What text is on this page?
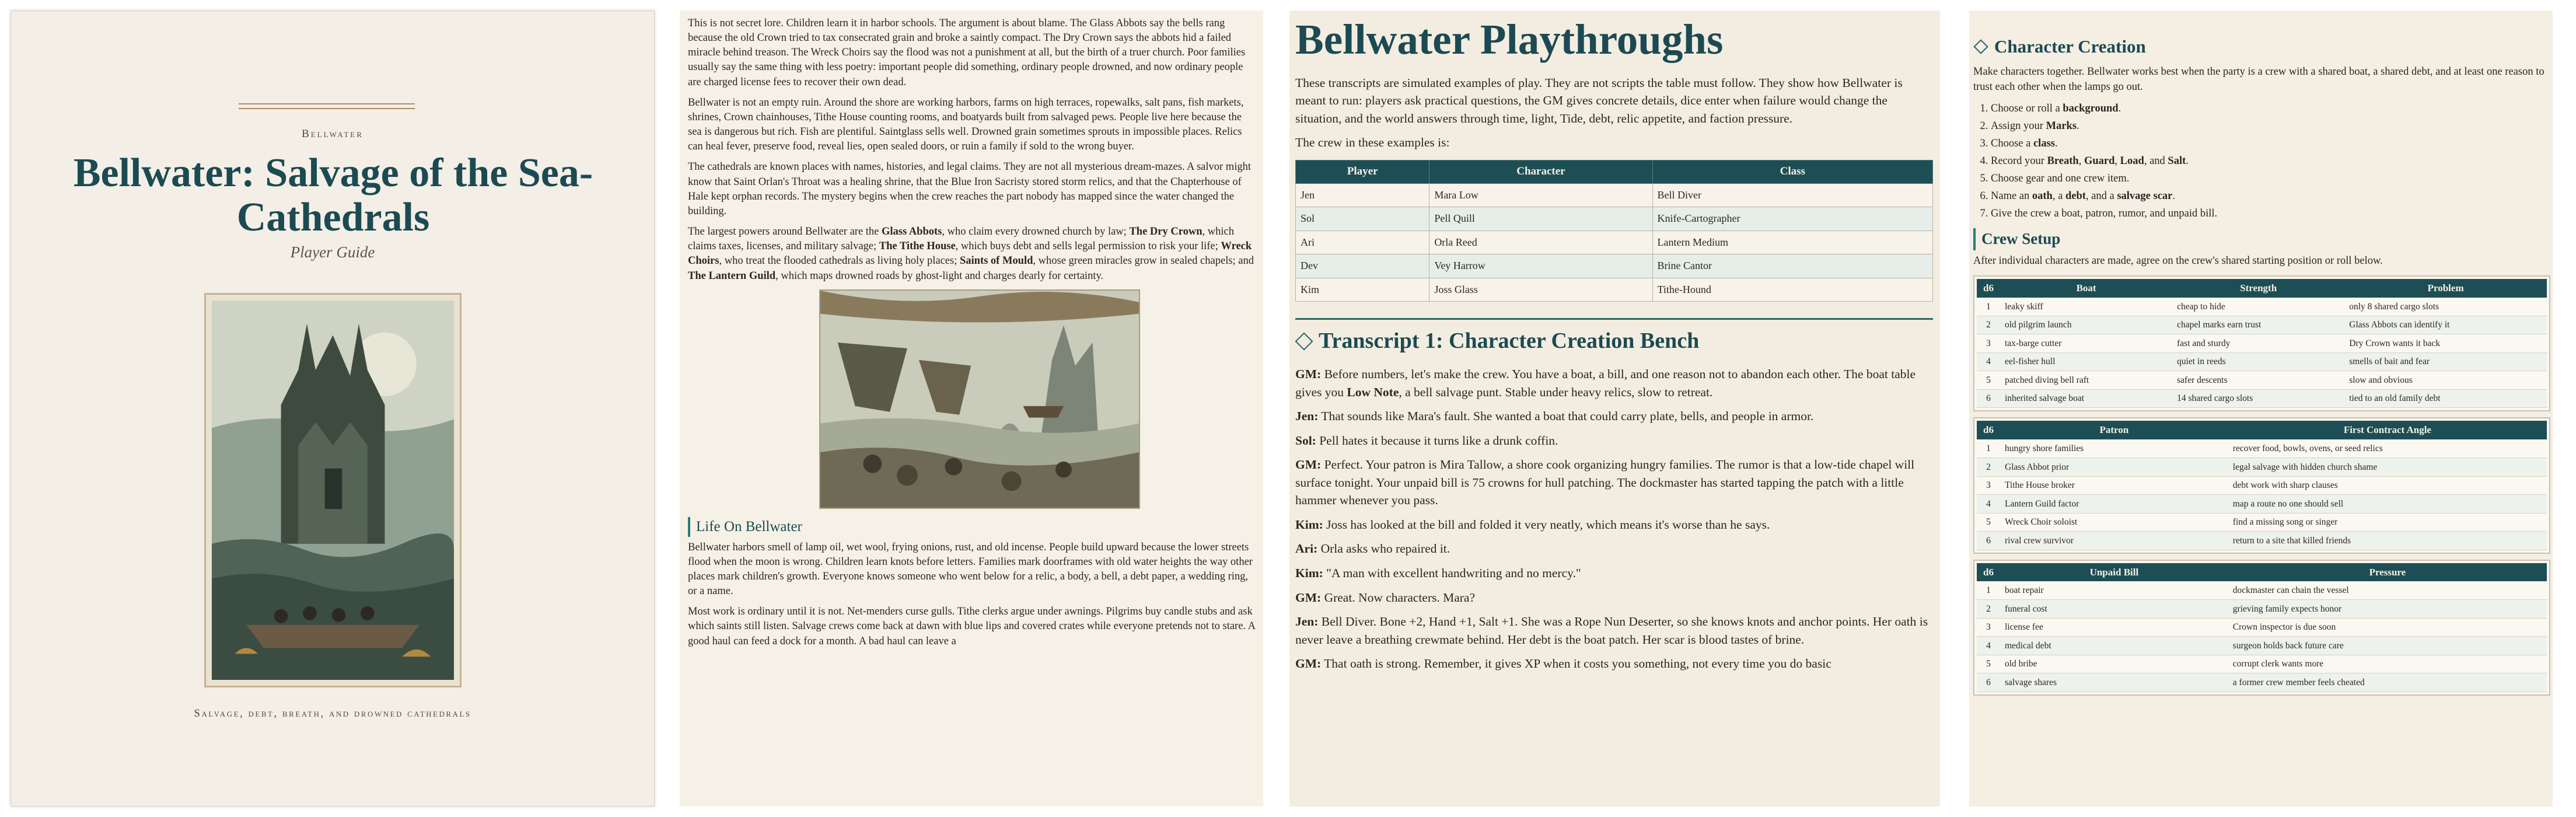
Bellwater
Bellwater: Salvage of the Sea-Cathedrals
Player Guide
Salvage, debt, breath, and drowned cathedrals

This is not secret lore. Children learn it in harbor schools. The argument is about blame. The Glass Abbots say the bells rang because the old Crown tried to tax consecrated grain and broke a saintly compact. The Dry Crown says the abbots hid a failed miracle behind treason. The Wreck Choirs say the flood was not a punishment at all, but the birth of a truer church. Poor families usually say the same thing with less poetry: important people did something, ordinary people drowned, and now ordinary people are charged license fees to recover their own dead.

Bellwater is not an empty ruin. Around the shore are working harbors, farms on high terraces, ropewalks, salt pans, fish markets, shrines, Crown chainhouses, Tithe House counting rooms, and boatyards built from salvaged pews. People live here because the sea is dangerous but rich. Fish are plentiful. Saintglass sells well. Drowned grain sometimes sprouts in impossible places. Relics can heal fever, preserve food, reveal lies, open sealed doors, or ruin a family if sold to the wrong buyer.

The cathedrals are known places with names, histories, and legal claims. They are not all mysterious dream-mazes. A salvor might know that Saint Orlan's Throat was a healing shrine, that the Blue Iron Sacristy stored storm relics, and that the Chapterhouse of Hale kept orphan records. The mystery begins when the crew reaches the part nobody has mapped since the water changed the building.

The largest powers around Bellwater are the Glass Abbots, who claim every drowned church by law; The Dry Crown, which claims taxes, licenses, and military salvage; The Tithe House, which buys debt and sells legal permission to risk your life; Wreck Choirs, who treat the flooded cathedrals as living holy places; Saints of Mould, whose green miracles grow in sealed chapels; and The Lantern Guild, which maps drowned roads by ghost-light and charges dearly for certainty.

Life On Bellwater

Bellwater harbors smell of lamp oil, wet wool, frying onions, rust, and old incense. People build upward because the lower streets flood when the moon is wrong. Children learn knots before letters. Families mark doorframes with old water heights the way other places mark children's growth. Everyone knows someone who went below for a relic, a body, a bell, a debt paper, a wedding ring, or a name.

Most work is ordinary until it is not. Net-menders curse gulls. Tithe clerks argue under awnings. Pilgrims buy candle stubs and ask which saints still listen. Salvage crews come back at dawn with blue lips and covered crates while everyone pretends not to stare. A good haul can feed a dock for a month. A bad haul can leave a

Bellwater Playthroughs

These transcripts are simulated examples of play. They are not scripts the table must follow. They show how Bellwater is meant to run: players ask practical questions, the GM gives concrete details, dice enter when failure would change the situation, and the world answers through time, light, Tide, debt, relic appetite, and faction pressure.

The crew in these examples is:

Player	Character	Class
Jen	Mara Low	Bell Diver
Sol	Pell Quill	Knife-Cartographer
Ari	Orla Reed	Lantern Medium
Dev	Vey Harrow	Brine Cantor
Kim	Joss Glass	Tithe-Hound
Transcript 1: Character Creation Bench
GM: Before numbers, let's make the crew. You have a boat, a bill, and one reason not to abandon each other. The boat table gives you Low Note, a bell salvage punt. Stable under heavy relics, slow to retreat.
Jen: That sounds like Mara's fault. She wanted a boat that could carry plate, bells, and people in armor.
Sol: Pell hates it because it turns like a drunk coffin.
GM: Perfect. Your patron is Mira Tallow, a shore cook organizing hungry families. The rumor is that a low-tide chapel will surface tonight. Your unpaid bill is 75 crowns for hull patching. The dockmaster has started tapping the patch with a little hammer whenever you pass.
Kim: Joss has looked at the bill and folded it very neatly, which means it's worse than he says.
Ari: Orla asks who repaired it.
Kim: "A man with excellent handwriting and no mercy."
GM: Great. Now characters. Mara?
Jen: Bell Diver. Bone +2, Hand +1, Salt +1. She was a Rope Nun Deserter, so she knows knots and anchor points. Her oath is never leave a breathing crewmate behind. Her debt is the boat patch. Her scar is blood tastes of brine.
GM: That oath is strong. Remember, it gives XP when it costs you something, not every time you do basic
Character Creation

Make characters together. Bellwater works best when the party is a crew with a shared boat, a shared debt, and at least one reason to trust each other when the lamps go out.

1. Choose or roll a background.
2. Assign your Marks.
3. Choose a class.
4. Record your Breath, Guard, Load, and Salt.
5. Choose gear and one crew item.
6. Name an oath, a debt, and a salvage scar.
7. Give the crew a boat, patron, rumor, and unpaid bill.
Crew Setup

After individual characters are made, agree on the crew's shared starting position or roll below.

d6	Boat	Strength	Problem
1	leaky skiff	cheap to hide	only 8 shared cargo slots
2	old pilgrim launch	chapel marks earn trust	Glass Abbots can identify it
3	tax-barge cutter	fast and sturdy	Dry Crown wants it back
4	eel-fisher hull	quiet in reeds	smells of bait and fear
5	patched diving bell raft	safer descents	slow and obvious
6	inherited salvage boat	14 shared cargo slots	tied to an old family debt
d6	Patron	First Contract Angle
1	hungry shore families	recover food, bowls, ovens, or seed relics
2	Glass Abbot prior	legal salvage with hidden church shame
3	Tithe House broker	debt work with sharp clauses
4	Lantern Guild factor	map a route no one should sell
5	Wreck Choir soloist	find a missing song or singer
6	rival crew survivor	return to a site that killed friends
d6	Unpaid Bill	Pressure
1	boat repair	dockmaster can chain the vessel
2	funeral cost	grieving family expects honor
3	license fee	Crown inspector is due soon
4	medical debt	surgeon holds back future care
5	old bribe	corrupt clerk wants more
6	salvage shares	a former crew member feels cheated
